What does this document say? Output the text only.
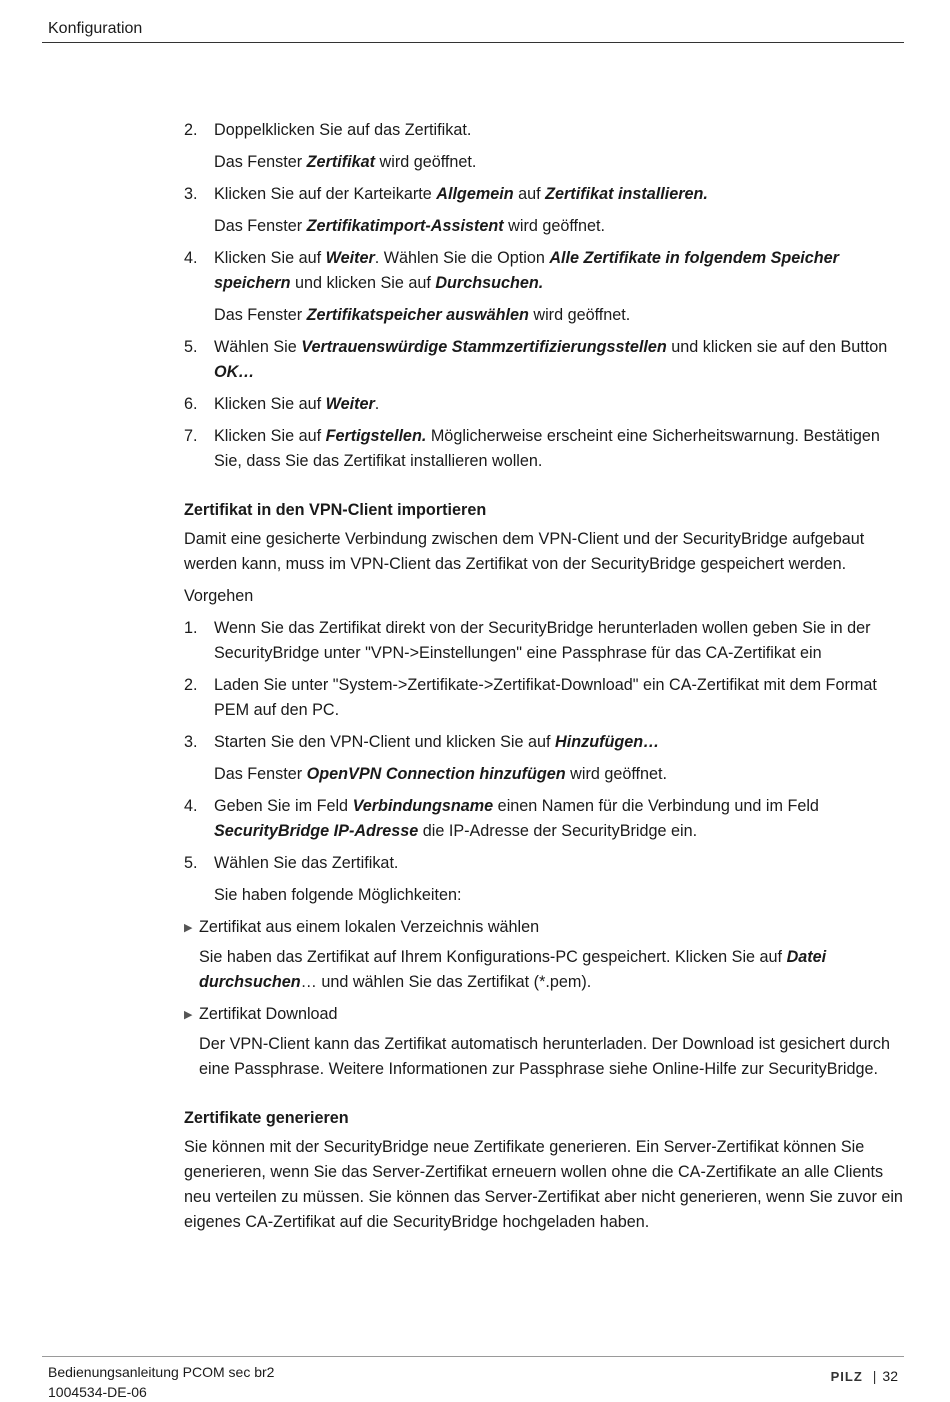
Konfiguration
2.	Doppelklicken Sie auf das Zertifikat.
Das Fenster Zertifikat wird geöffnet.
3.	Klicken Sie auf der Karteikarte Allgemein auf Zertifikat installieren.
Das Fenster Zertifikatimport-Assistent wird geöffnet.
4.	Klicken Sie auf Weiter. Wählen Sie die Option Alle Zertifikate in folgendem Speicher speichern und klicken Sie auf Durchsuchen.
Das Fenster Zertifikatspeicher auswählen wird geöffnet.
5.	Wählen Sie Vertrauenswürdige Stammzertifizierungsstellen und klicken sie auf den Button OK…
6.	Klicken Sie auf Weiter.
7.	Klicken Sie auf Fertigstellen. Möglicherweise erscheint eine Sicherheitswarnung. Bestätigen Sie, dass Sie das Zertifikat installieren wollen.
Zertifikat in den VPN-Client importieren
Damit eine gesicherte Verbindung zwischen dem VPN-Client und der SecurityBridge aufgebaut werden kann, muss im VPN-Client das Zertifikat von der SecurityBridge gespeichert werden.
Vorgehen
1.	Wenn Sie das Zertifikat direkt von der SecurityBridge herunterladen wollen geben Sie in der SecurityBridge unter "VPN->Einstellungen" eine Passphrase für das CA-Zertifikat ein
2.	Laden Sie unter "System->Zertifikate->Zertifikat-Download" ein CA-Zertifikat mit dem Format PEM auf den PC.
3.	Starten Sie den VPN-Client und klicken Sie auf Hinzufügen…
Das Fenster OpenVPN Connection hinzufügen wird geöffnet.
4.	Geben Sie im Feld Verbindungsname einen Namen für die Verbindung und im Feld SecurityBridge IP-Adresse die IP-Adresse der SecurityBridge ein.
5.	Wählen Sie das Zertifikat.
Sie haben folgende Möglichkeiten:
▶ Zertifikat aus einem lokalen Verzeichnis wählen
Sie haben das Zertifikat auf Ihrem Konfigurations-PC gespeichert. Klicken Sie auf Datei durchsuchen… und wählen Sie das Zertifikat (*.pem).
▶ Zertifikat Download
Der VPN-Client kann das Zertifikat automatisch herunterladen. Der Download ist gesichert durch eine Passphrase. Weitere Informationen zur Passphrase siehe Online-Hilfe zur SecurityBridge.
Zertifikate generieren
Sie können mit der SecurityBridge neue Zertifikate generieren. Ein Server-Zertifikat können Sie generieren, wenn Sie das Server-Zertifikat erneuern wollen ohne die CA-Zertifikate an alle Clients neu verteilen zu müssen. Sie können das Server-Zertifikat aber nicht generieren, wenn Sie zuvor ein eigenes CA-Zertifikat auf die SecurityBridge hochgeladen haben.
Bedienungsanleitung PCOM sec br2
1004534-DE-06
PILZ | 32
